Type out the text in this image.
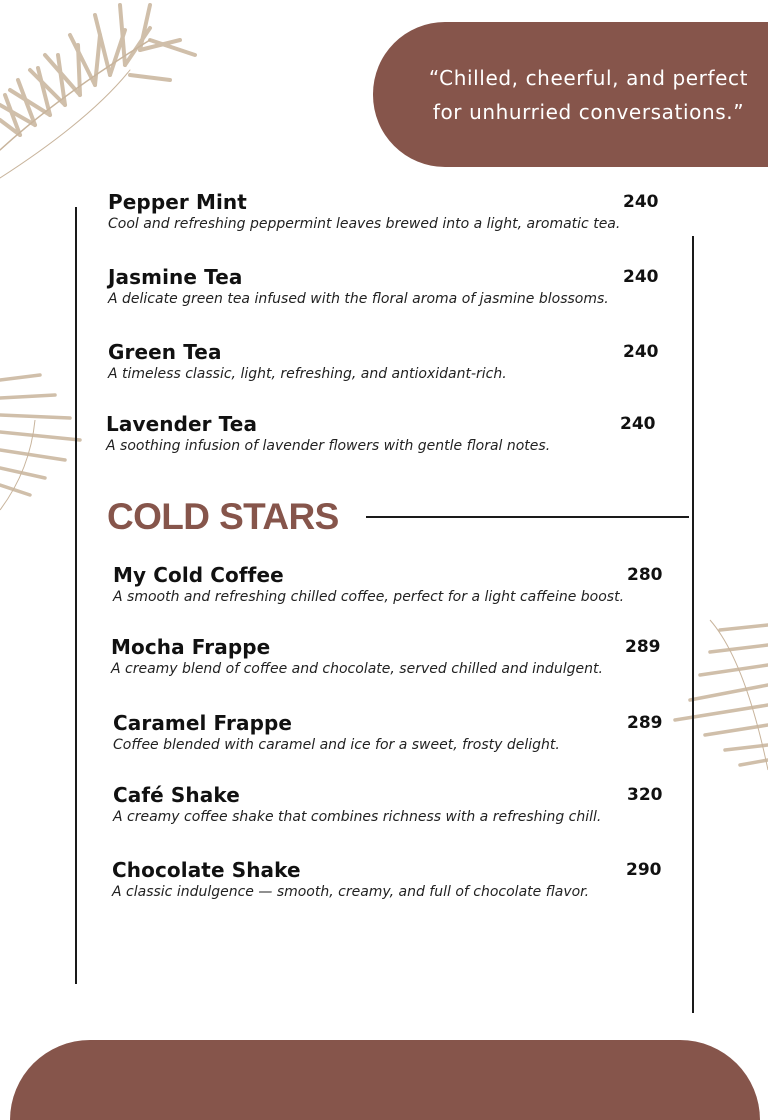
“Chilled, cheerful, and perfect for unhurried conversations.”
Pepper Mint
Cool and refreshing peppermint leaves brewed into a light, aromatic tea.
240
Jasmine Tea
A delicate green tea infused with the floral aroma of jasmine blossoms.
240
Green Tea
A timeless classic, light, refreshing, and antioxidant-rich.
240
Lavender Tea
A soothing infusion of lavender flowers with gentle floral notes.
240
COLD STARS
My Cold Coffee
A smooth and refreshing chilled coffee, perfect for a light caffeine boost.
280
Mocha Frappe
A creamy blend of coffee and chocolate, served chilled and indulgent.
289
Caramel Frappe
Coffee blended with caramel and ice for a sweet, frosty delight.
289
Café Shake
A creamy coffee shake that combines richness with a refreshing chill.
320
Chocolate Shake
A classic indulgence — smooth, creamy, and full of chocolate flavor.
290
